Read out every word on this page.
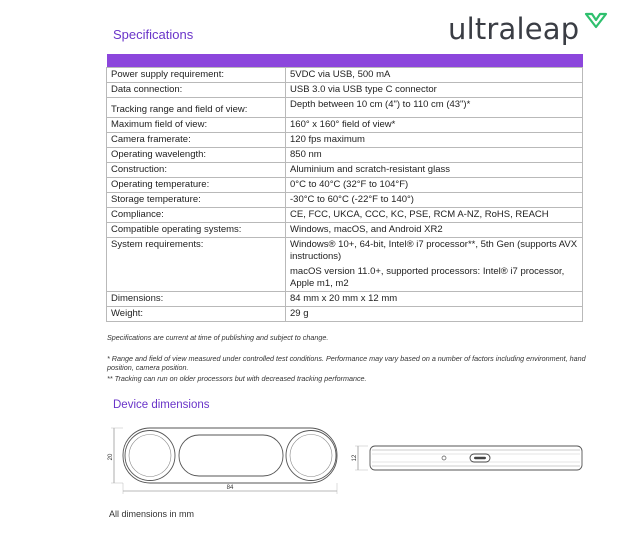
Specifications	ultraleap
Power supply requirement:	5VDC via USB, 500 mA

Data connection:	USB 3.0 via USB type C connector

Tracking range and field of view:	Depth between 10 cm (4") to 110 cm (43")*

Maximum field of view:	160° x 160° field of view*

Camera framerate:	120 fps maximum

Operating wavelength:	850 nm

Construction:	Aluminium and scratch-resistant glass

Operating temperature:	0°C to 40°C (32°F to 104°F)

Storage temperature:	-30°C to 60°C (-22°F to 140°)

Compliance:	CE, FCC, UKCA, CCC, KC, PSE, RCM A-NZ, RoHS, REACH

Compatible operating systems:	Windows, macOS, and Android XR2

System requirements:	Windows® 10+, 64-bit, Intel® i7 processor**, 5th Gen (supports AVX instructions)
macOS version 11.0+, supported processors: Intel® i7 processor, Apple m1, m2

Dimensions:	84 mm x 20 mm x 12 mm

Weight:	29 g
Specifications are current at time of publishing and subject to change.
* Range and field of view measured under controlled test conditions. Performance may vary based on a number of factors including environment, hand position, camera position.
** Tracking can run on older processors but with decreased tracking performance.
Device dimensions
20
84
12
All dimensions in mm
